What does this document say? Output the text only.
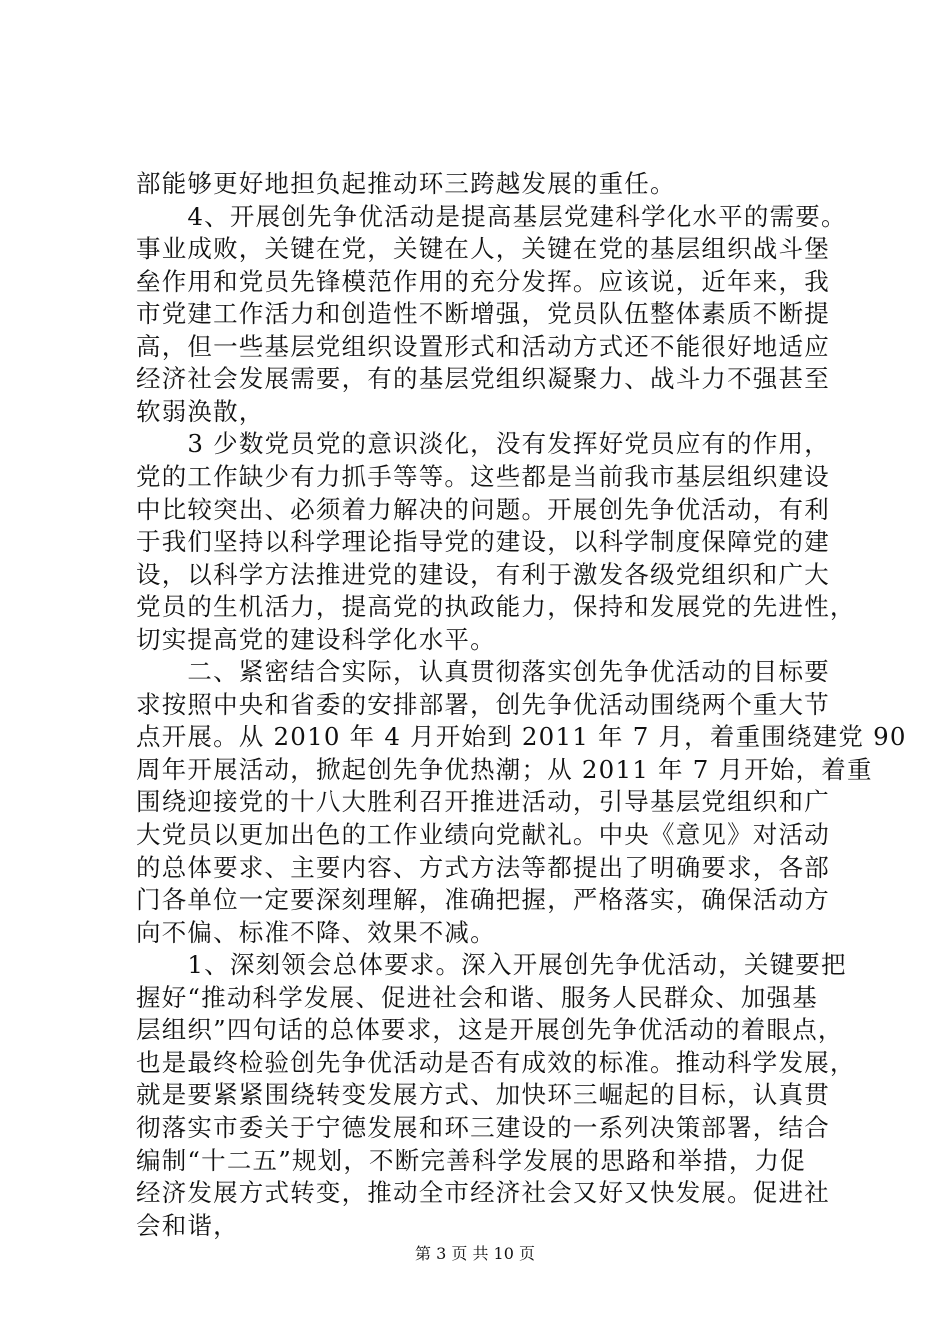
部能够更好地担负起推动环三跨越发展的重任。
　　4、开展创先争优活动是提高基层党建科学化水平的需要。
事业成败，关键在党，关键在人，关键在党的基层组织战斗堡
垒作用和党员先锋模范作用的充分发挥。应该说，近年来，我
市党建工作活力和创造性不断增强，党员队伍整体素质不断提
高，但一些基层党组织设置形式和活动方式还不能很好地适应
经济社会发展需要，有的基层党组织凝聚力、战斗力不强甚至
软弱涣散，
　　3 少数党员党的意识淡化，没有发挥好党员应有的作用，
党的工作缺少有力抓手等等。这些都是当前我市基层组织建设
中比较突出、必须着力解决的问题。开展创先争优活动，有利
于我们坚持以科学理论指导党的建设，以科学制度保障党的建
设，以科学方法推进党的建设，有利于激发各级党组织和广大
党员的生机活力，提高党的执政能力，保持和发展党的先进性，
切实提高党的建设科学化水平。
　　二、紧密结合实际，认真贯彻落实创先争优活动的目标要
求按照中央和省委的安排部署，创先争优活动围绕两个重大节
点开展。从 2010 年 4 月开始到 2011 年 7 月，着重围绕建党 90
周年开展活动，掀起创先争优热潮；从 2011 年 7 月开始，着重
围绕迎接党的十八大胜利召开推进活动，引导基层党组织和广
大党员以更加出色的工作业绩向党献礼。中央《意见》对活动
的总体要求、主要内容、方式方法等都提出了明确要求，各部
门各单位一定要深刻理解，准确把握，严格落实，确保活动方
向不偏、标准不降、效果不减。
　　1、深刻领会总体要求。深入开展创先争优活动，关键要把
握好“推动科学发展、促进社会和谐、服务人民群众、加强基
层组织”四句话的总体要求，这是开展创先争优活动的着眼点，
也是最终检验创先争优活动是否有成效的标准。推动科学发展，
就是要紧紧围绕转变发展方式、加快环三崛起的目标，认真贯
彻落实市委关于宁德发展和环三建设的一系列决策部署，结合
编制“十二五”规划，不断完善科学发展的思路和举措，力促
经济发展方式转变，推动全市经济社会又好又快发展。促进社
会和谐，
第 3 页 共 10 页
